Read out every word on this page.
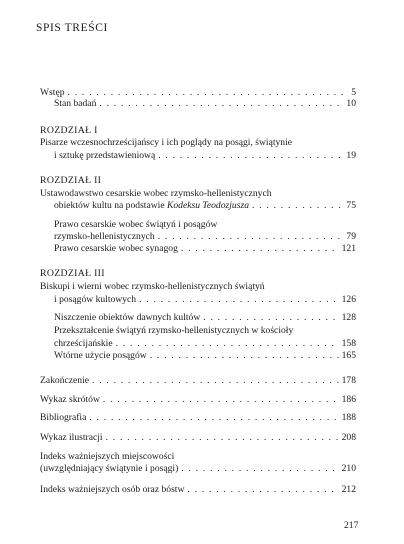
SPIS TREŚCI
Wstęp . . .	5
Stan badań . . .	10
ROZDZIAŁ I
Pisarze wczesnochrześcijańscy i ich poglądy na posągi, świątynie
i sztukę przedstawieniową . . .	19
ROZDZIAŁ II
Ustawodawstwo cesarskie wobec rzymsko-hellenistycznych
obiektów kultu na podstawie Kodeksu Teodozjusza . . .	75
Prawo cesarskie wobec świątyń i posągów
rzymsko-hellenistycznych . . .	79
Prawo cesarskie wobec synagog . . .	121
ROZDZIAŁ III
Biskupi i wierni wobec rzymsko-hellenistycznych świątyń
i posągów kultowych . . .	126
Niszczenie obiektów dawnych kultów . . .	128
Przekształcenie świątyń rzymsko-hellenistycznych w kościoły
chrześcijańskie . . .	158
Wtórne użycie posągów . . .	165
Zakończenie . . .	178
Wykaz skrótów . . .	186
Bibliografia . . .	188
Wykaz ilustracji . . .	208
Indeks ważniejszych miejscowości
(uwzględniający świątynie i posągi) . . .	210
Indeks ważniejszych osób oraz bóstw . . .	212
217
